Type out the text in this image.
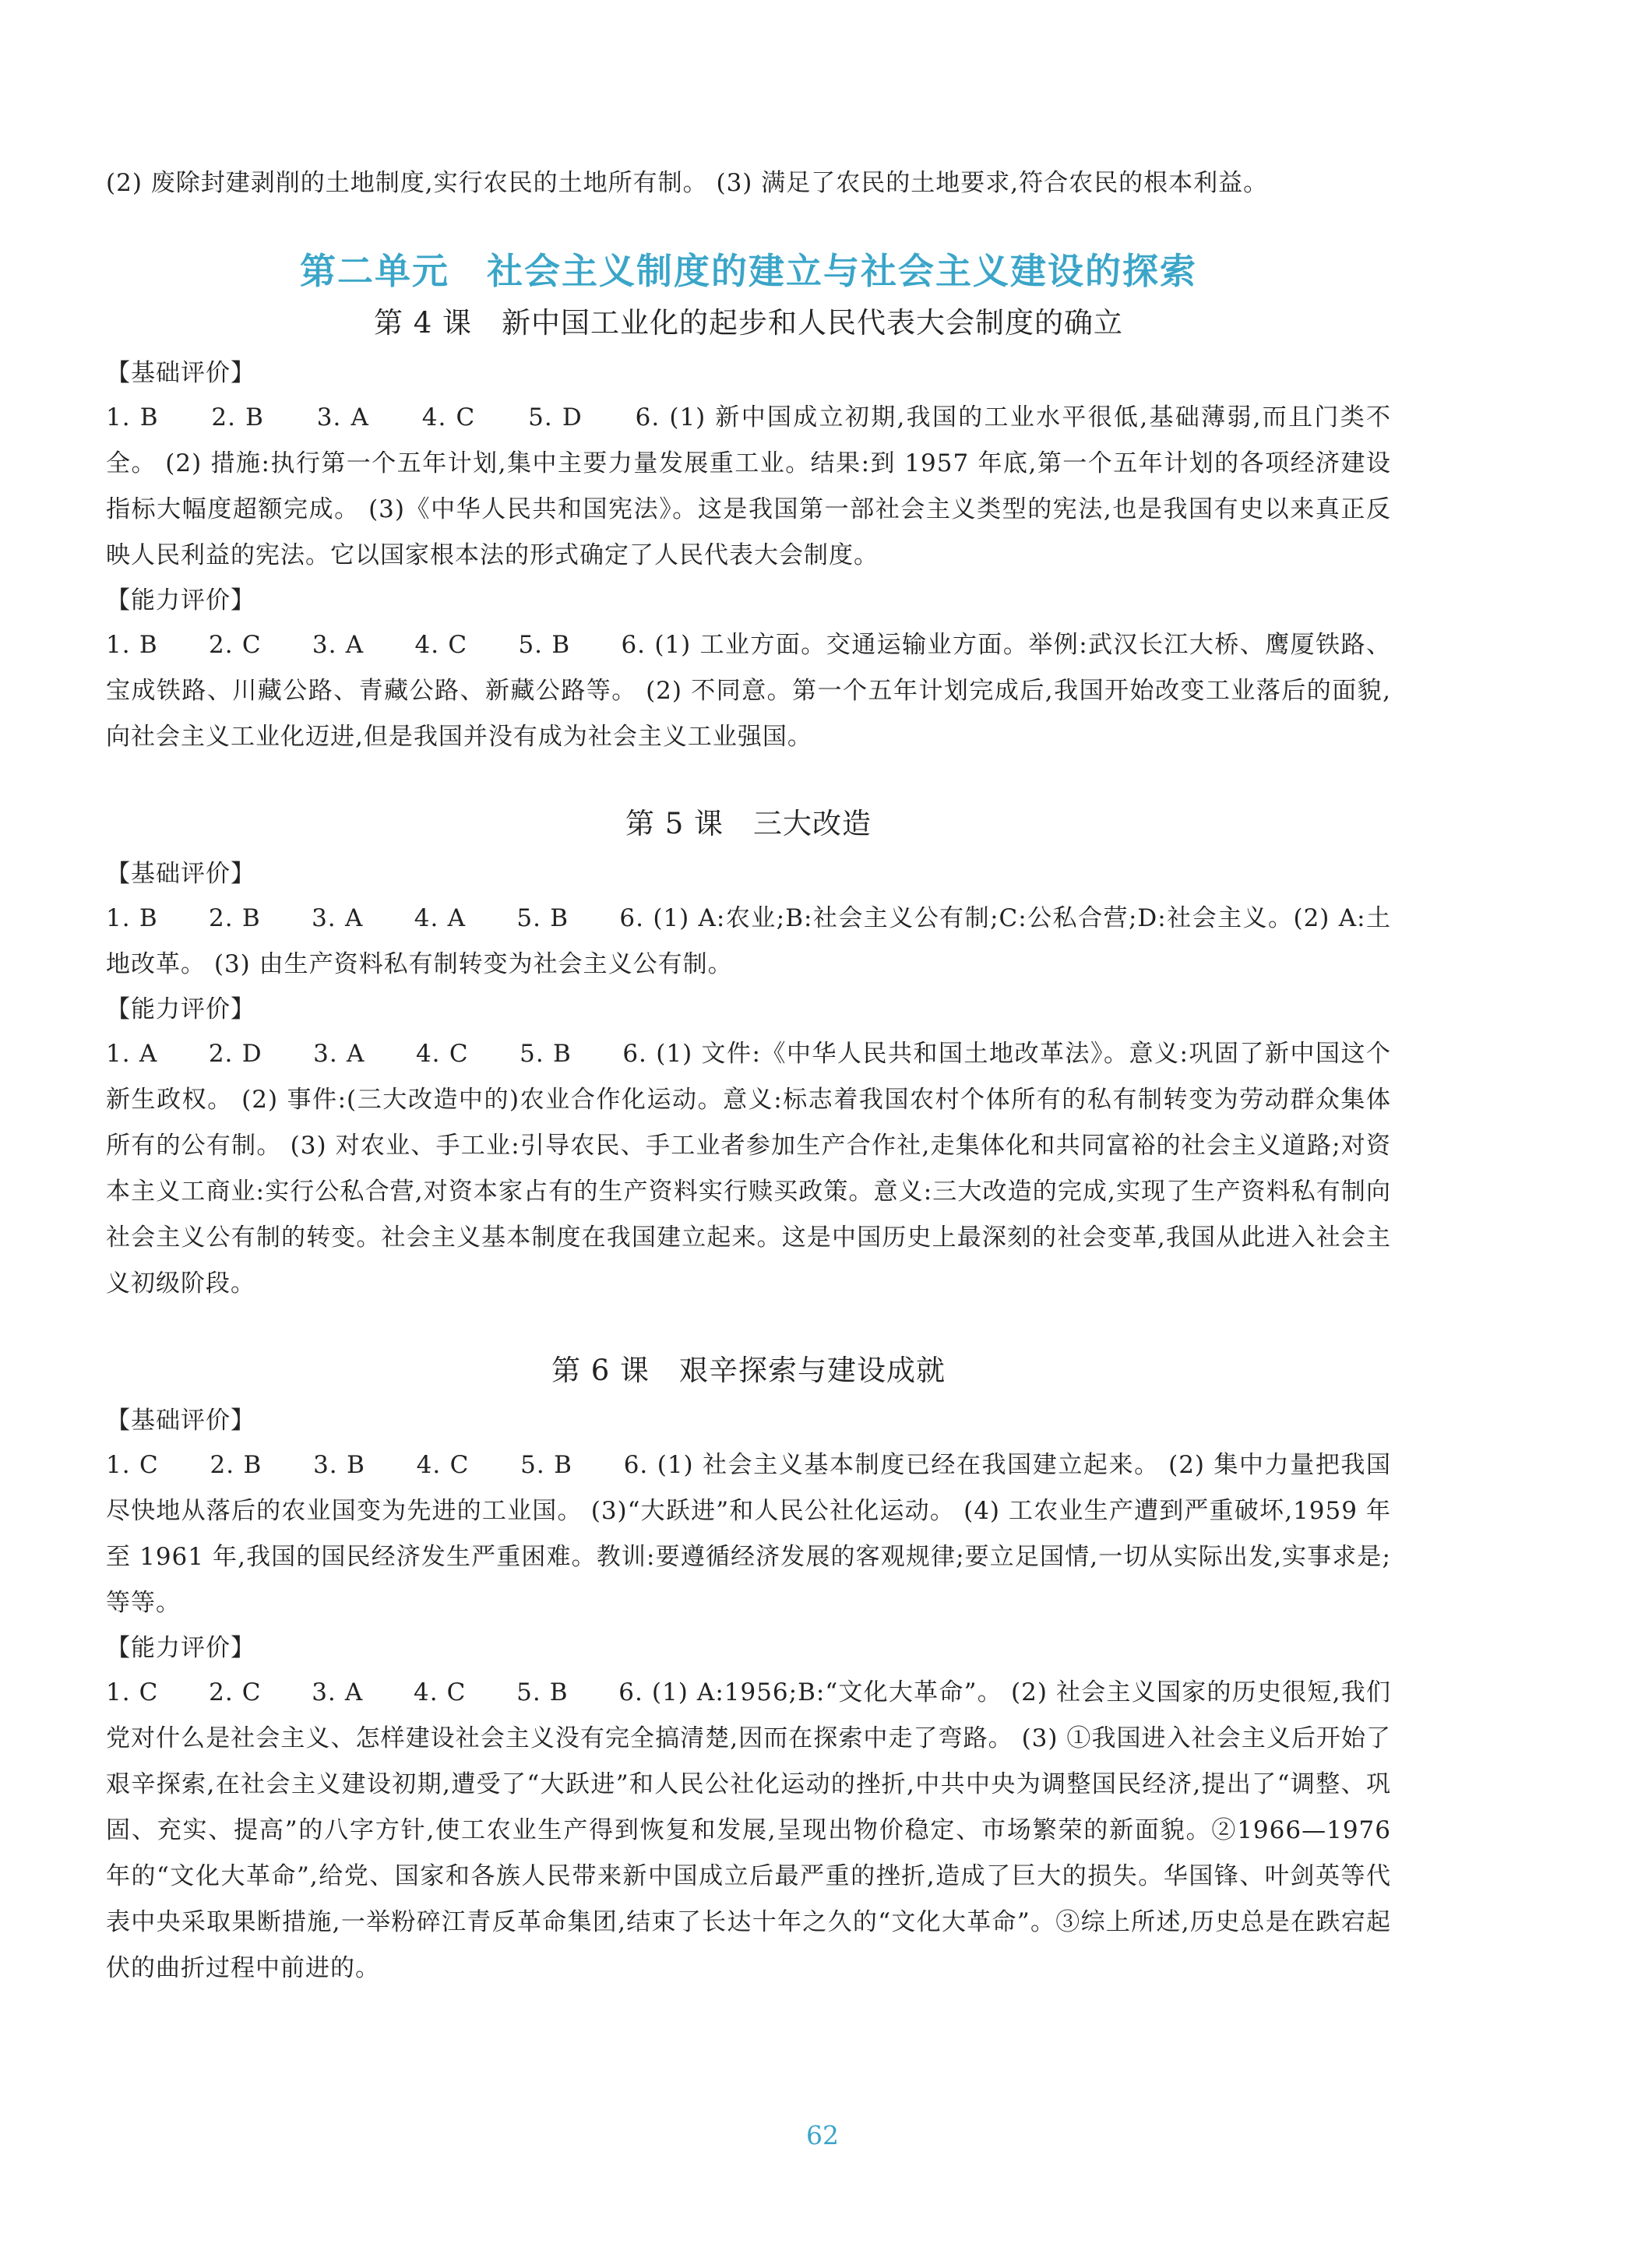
(2) 废除封建剥削的土地制度,实行农民的土地所有制。 (3) 满足了农民的土地要求,符合农民的根本利益。

第二单元　社会主义制度的建立与社会主义建设的探索
第 4 课　新中国工业化的起步和人民代表大会制度的确立

【基础评价】

1. B　　2. B　　3. A　　4. C　　5. D　　6. (1) 新中国成立初期,我国的工业水平很低,基础薄弱,而且门类不全。 (2) 措施:执行第一个五年计划,集中主要力量发展重工业。结果:到 1957 年底,第一个五年计划的各项经济建设指标大幅度超额完成。 (3)《中华人民共和国宪法》。这是我国第一部社会主义类型的宪法,也是我国有史以来真正反映人民利益的宪法。它以国家根本法的形式确定了人民代表大会制度。

【能力评价】

1. B　　2. C　　3. A　　4. C　　5. B　　6. (1) 工业方面。交通运输业方面。举例:武汉长江大桥、鹰厦铁路、宝成铁路、川藏公路、青藏公路、新藏公路等。 (2) 不同意。第一个五年计划完成后,我国开始改变工业落后的面貌,向社会主义工业化迈进,但是我国并没有成为社会主义工业强国。

第 5 课　三大改造

【基础评价】

1. B　　2. B　　3. A　　4. A　　5. B　　6. (1) A:农业;B:社会主义公有制;C:公私合营;D:社会主义。(2) A:土地改革。 (3) 由生产资料私有制转变为社会主义公有制。

【能力评价】

1. A　　2. D　　3. A　　4. C　　5. B　　6. (1) 文件:《中华人民共和国土地改革法》。意义:巩固了新中国这个新生政权。 (2) 事件:(三大改造中的)农业合作化运动。意义:标志着我国农村个体所有的私有制转变为劳动群众集体所有的公有制。 (3) 对农业、手工业:引导农民、手工业者参加生产合作社,走集体化和共同富裕的社会主义道路;对资本主义工商业:实行公私合营,对资本家占有的生产资料实行赎买政策。意义:三大改造的完成,实现了生产资料私有制向社会主义公有制的转变。社会主义基本制度在我国建立起来。这是中国历史上最深刻的社会变革,我国从此进入社会主义初级阶段。

第 6 课　艰辛探索与建设成就

【基础评价】

1. C　　2. B　　3. B　　4. C　　5. B　　6. (1) 社会主义基本制度已经在我国建立起来。 (2) 集中力量把我国尽快地从落后的农业国变为先进的工业国。 (3)“大跃进”和人民公社化运动。 (4) 工农业生产遭到严重破坏,1959 年至 1961 年,我国的国民经济发生严重困难。教训:要遵循经济发展的客观规律;要立足国情,一切从实际出发,实事求是;等等。

【能力评价】

1. C　　2. C　　3. A　　4. C　　5. B　　6. (1) A:1956;B:“文化大革命”。 (2) 社会主义国家的历史很短,我们党对什么是社会主义、怎样建设社会主义没有完全搞清楚,因而在探索中走了弯路。 (3) ①我国进入社会主义后开始了艰辛探索,在社会主义建设初期,遭受了“大跃进”和人民公社化运动的挫折,中共中央为调整国民经济,提出了“调整、巩固、充实、提高”的八字方针,使工农业生产得到恢复和发展,呈现出物价稳定、市场繁荣的新面貌。②1966—1976 年的“文化大革命”,给党、国家和各族人民带来新中国成立后最严重的挫折,造成了巨大的损失。华国锋、叶剑英等代表中央采取果断措施,一举粉碎江青反革命集团,结束了长达十年之久的“文化大革命”。③综上所述,历史总是在跌宕起伏的曲折过程中前进的。

62
